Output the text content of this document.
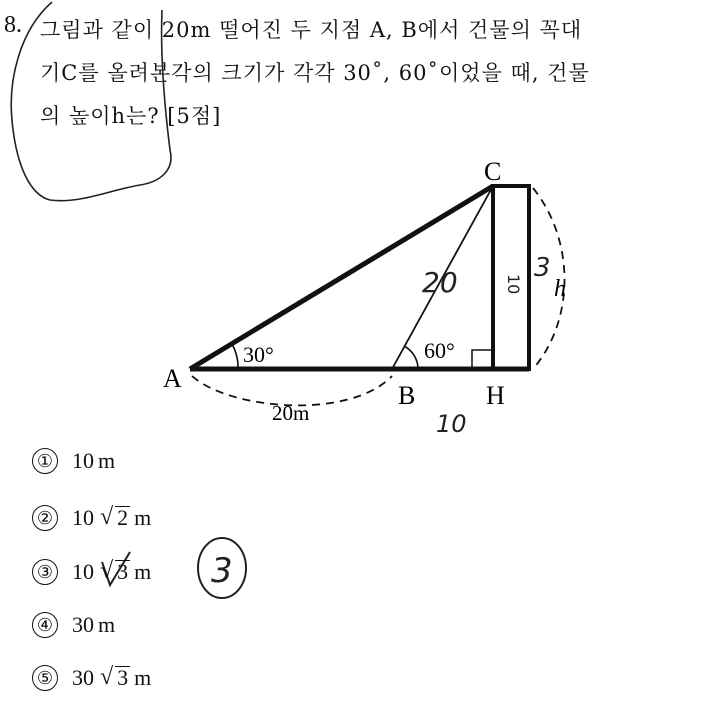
8. 그림과 같이 20m 떨어진 두 지점 A, B에서 건물의 꼭대
기C를 올려본각의 크기가 각각 30˚, 60˚이었을 때, 건물
의 높이h는? [5점]
A
B
C
H
30°	60°
20m
h
20
10
10
3
3
① 10 m
② 10 √ 2 m
③ 10 √ 3 m
④ 30 m
⑤ 30 √ 3 m
